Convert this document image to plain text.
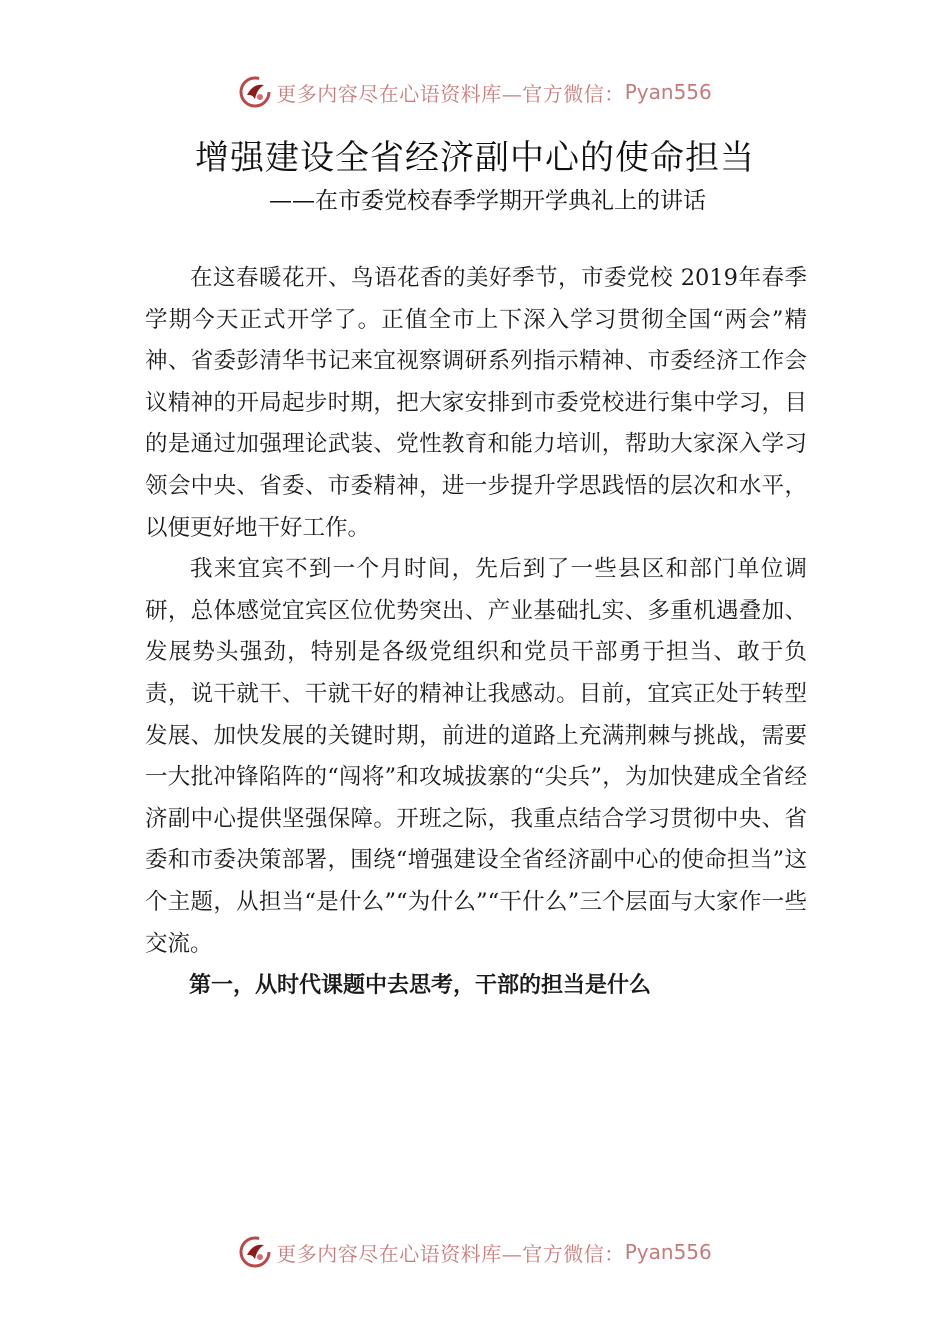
更多内容尽在心语资料库—官方微信： Pyan556
增强建设全省经济副中心的使命担当
——在市委党校春季学期开学典礼上的讲话

在这春暖花开、鸟语花香的美好季节，市委党校 2019年春季学期今天正式开学了。正值全市上下深入学习贯彻全国“两会”精神、省委彭清华书记来宜视察调研系列指示精神、市委经济工作会议精神的开局起步时期，把大家安排到市委党校进行集中学习，目的是通过加强理论武装、党性教育和能力培训，帮助大家深入学习领会中央、省委、市委精神，进一步提升学思践悟的层次和水平，以便更好地干好工作。

我来宜宾不到一个月时间，先后到了一些县区和部门单位调研，总体感觉宜宾区位优势突出、产业基础扎实、多重机遇叠加、发展势头强劲，特别是各级党组织和党员干部勇于担当、敢于负责，说干就干、干就干好的精神让我感动。目前，宜宾正处于转型发展、加快发展的关键时期，前进的道路上充满荆棘与挑战，需要一大批冲锋陷阵的“闯将”和攻城拔寨的“尖兵”，为加快建成全省经济副中心提供坚强保障。开班之际，我重点结合学习贯彻中央、省委和市委决策部署，围绕“增强建设全省经济副中心的使命担当”这个主题，从担当“是什么”“为什么”“干什么”三个层面与大家作一些交流。

第一，从时代课题中去思考，干部的担当是什么
更多内容尽在心语资料库—官方微信： Pyan556
